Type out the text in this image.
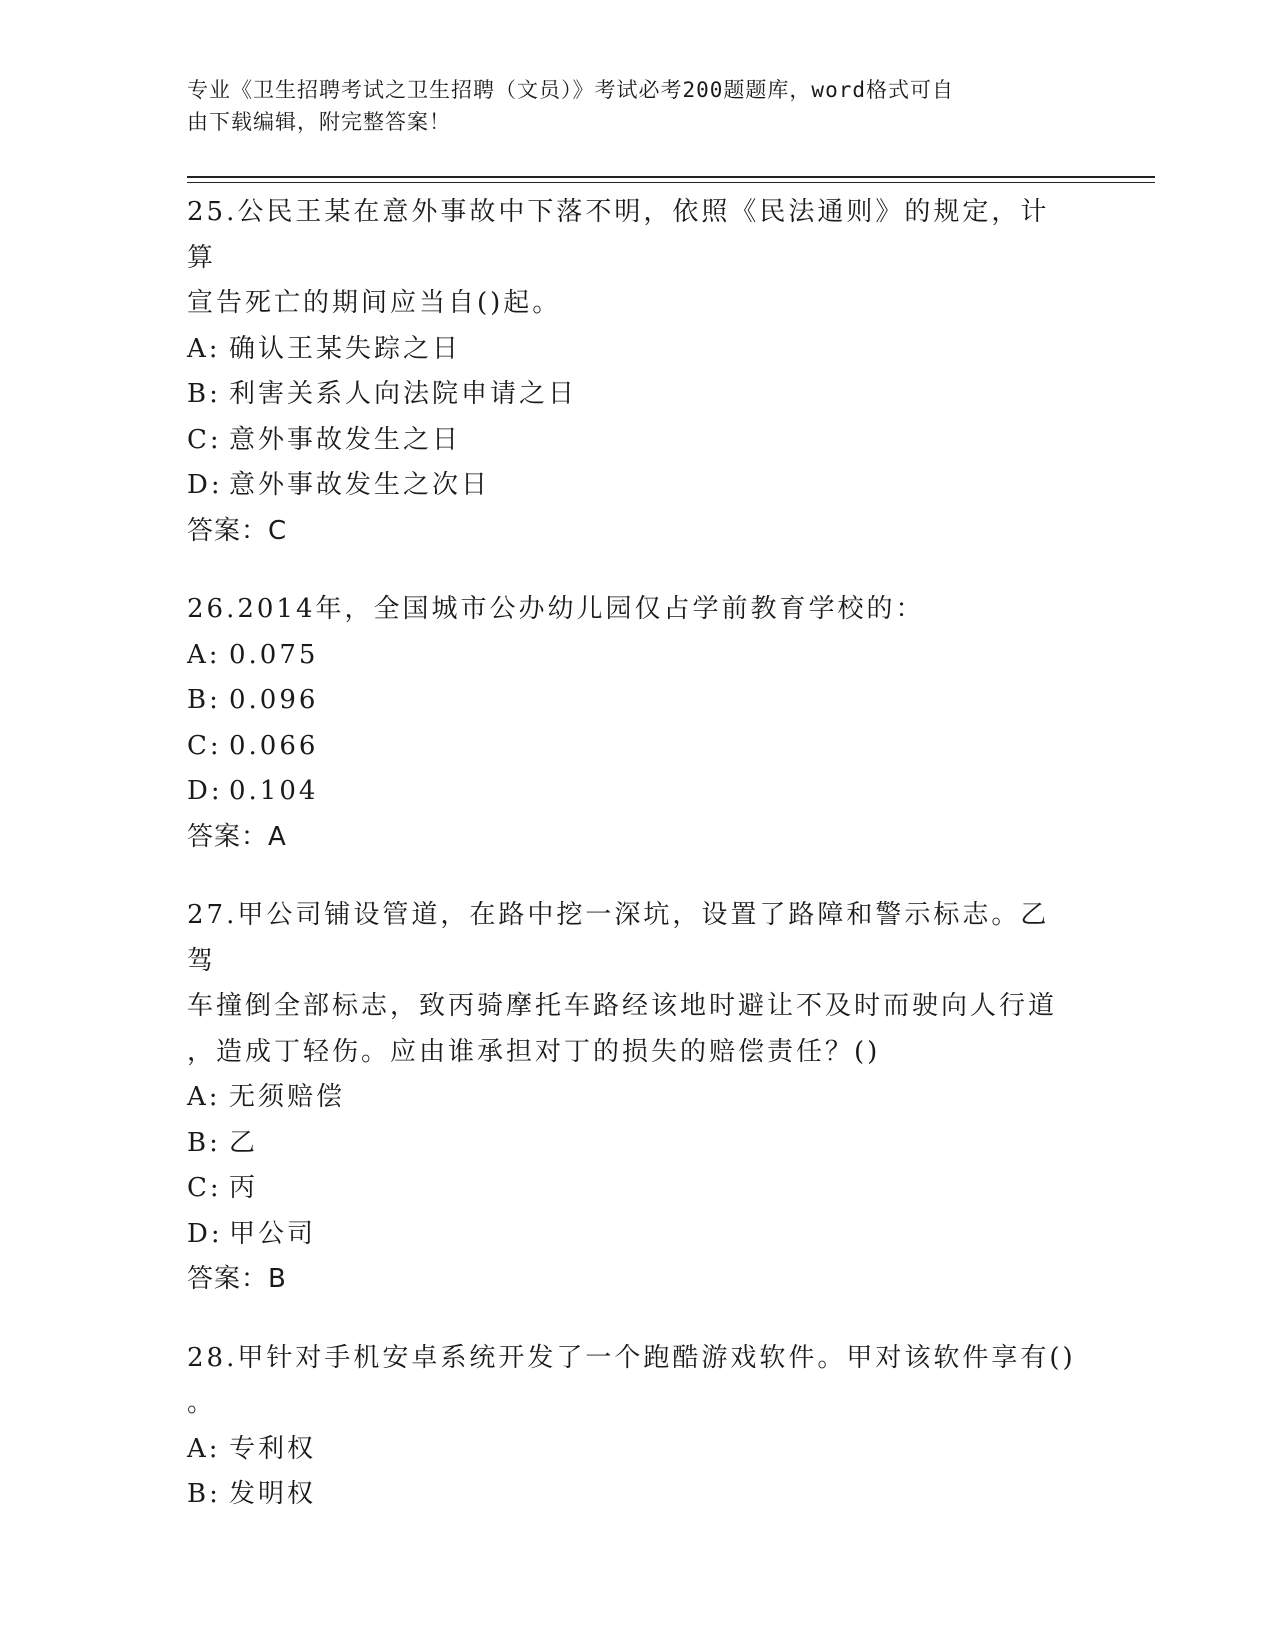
专业《卫生招聘考试之卫生招聘（文员）》考试必考200题题库，word格式可自
由下载编辑，附完整答案！

25.公民王某在意外事故中下落不明，依照《民法通则》的规定，计算

宣告死亡的期间应当自()起。

A: 确认王某失踪之日
B: 利害关系人向法院申请之日
C: 意外事故发生之日
D: 意外事故发生之次日

答案：C

26.2014年，全国城市公办幼儿园仅占学前教育学校的：

A: 0.075
B: 0.096
C: 0.066
D: 0.104

答案：A

27.甲公司铺设管道，在路中挖一深坑，设置了路障和警示标志。乙驾

车撞倒全部标志，致丙骑摩托车路经该地时避让不及时而驶向人行道

，造成丁轻伤。应由谁承担对丁的损失的赔偿责任？()

A: 无须赔偿
B: 乙
C: 丙
D: 甲公司

答案：B

28.甲针对手机安卓系统开发了一个跑酷游戏软件。甲对该软件享有()

。

A: 专利权
B: 发明权
